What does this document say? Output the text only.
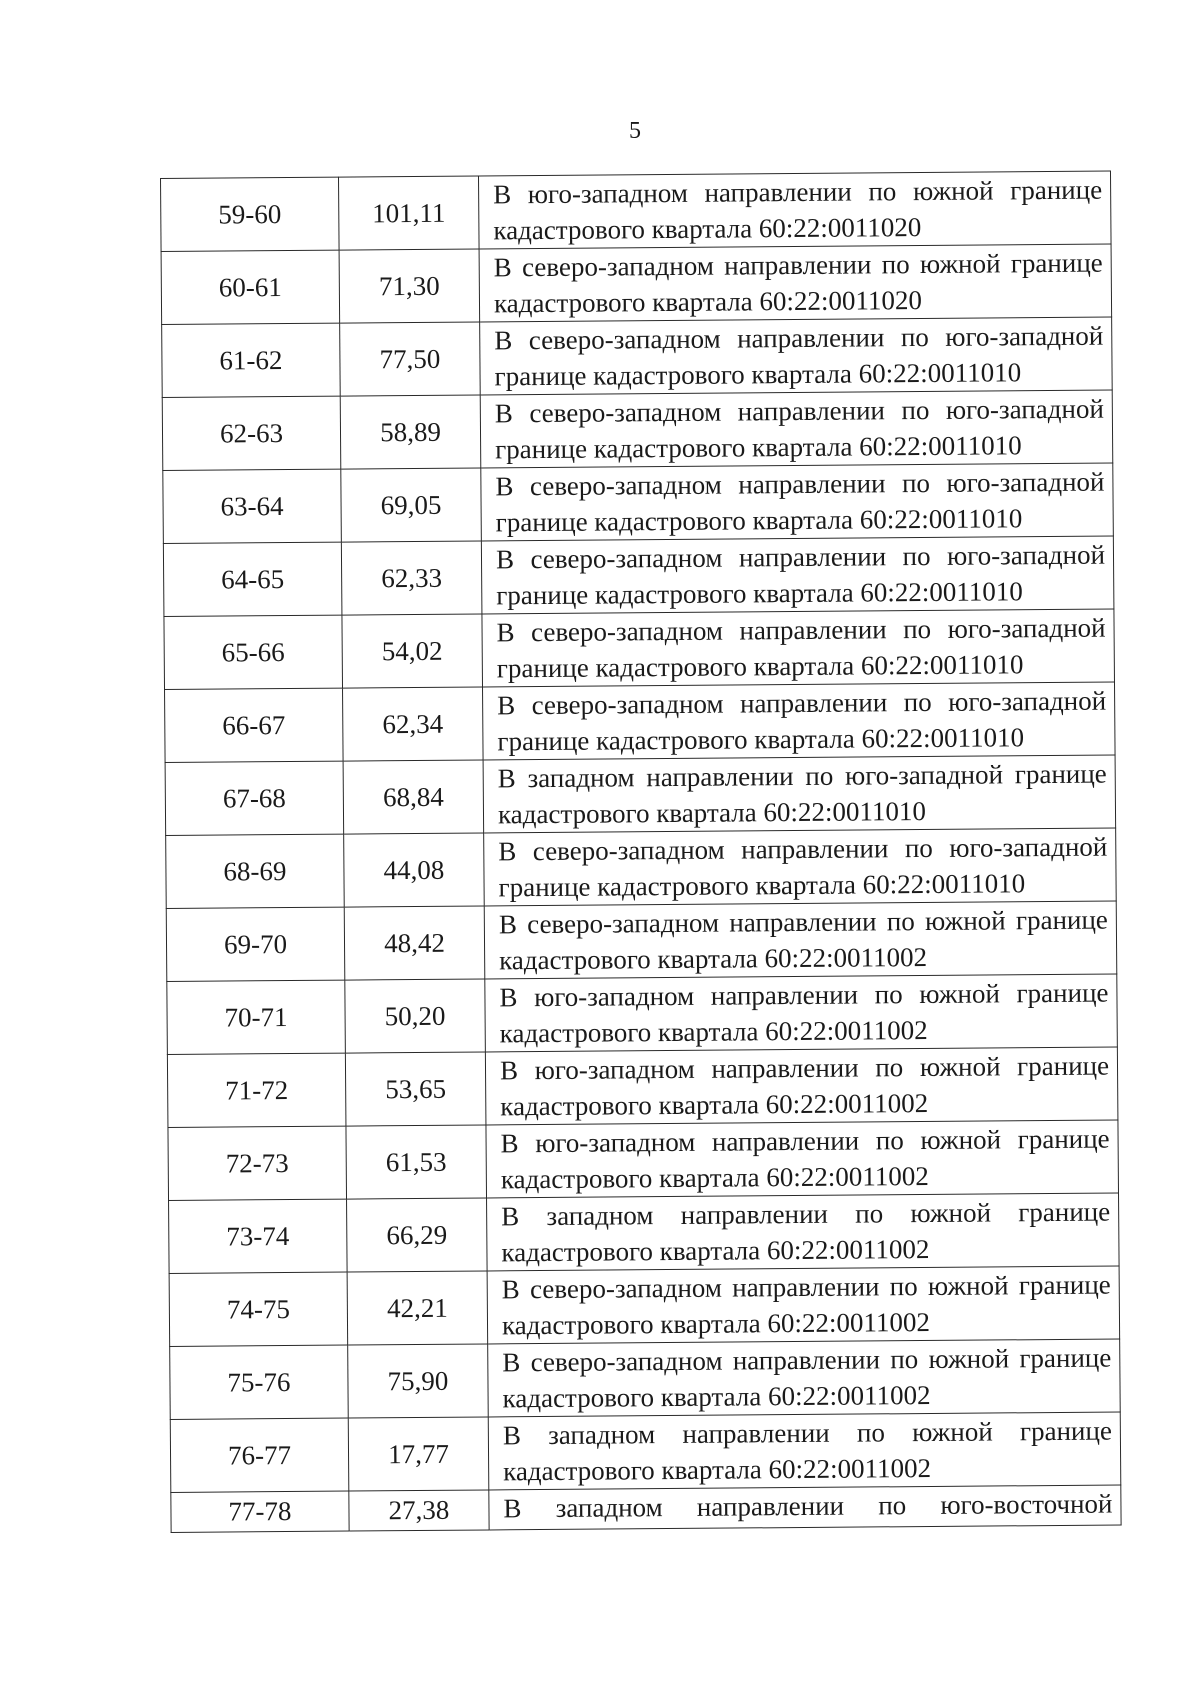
5
59-60	101,11	В юго-западном направлении по южной границе кадастрового квартала 60:22:0011020
60-61	71,30	В северо-западном направлении по южной границе кадастрового квартала 60:22:0011020
61-62	77,50	В северо-западном направлении по юго-западной границе кадастрового квартала 60:22:0011010
62-63	58,89	В северо-западном направлении по юго-западной границе кадастрового квартала 60:22:0011010
63-64	69,05	В северо-западном направлении по юго-западной границе кадастрового квартала 60:22:0011010
64-65	62,33	В северо-западном направлении по юго-западной границе кадастрового квартала 60:22:0011010
65-66	54,02	В северо-западном направлении по юго-западной границе кадастрового квартала 60:22:0011010
66-67	62,34	В северо-западном направлении по юго-западной границе кадастрового квартала 60:22:0011010
67-68	68,84	В западном направлении по юго-западной границе кадастрового квартала 60:22:0011010
68-69	44,08	В северо-западном направлении по юго-западной границе кадастрового квартала 60:22:0011010
69-70	48,42	В северо-западном направлении по южной границе кадастрового квартала 60:22:0011002
70-71	50,20	В юго-западном направлении по южной границе кадастрового квартала 60:22:0011002
71-72	53,65	В юго-западном направлении по южной границе кадастрового квартала 60:22:0011002
72-73	61,53	В юго-западном направлении по южной границе кадастрового квартала 60:22:0011002
73-74	66,29	В западном направлении по южной границе кадастрового квартала 60:22:0011002
74-75	42,21	В северо-западном направлении по южной границе кадастрового квартала 60:22:0011002
75-76	75,90	В северо-западном направлении по южной границе кадастрового квартала 60:22:0011002
76-77	17,77	В западном направлении по южной границе кадастрового квартала 60:22:0011002
77-78	27,38	В западном направлении по юго-восточной
